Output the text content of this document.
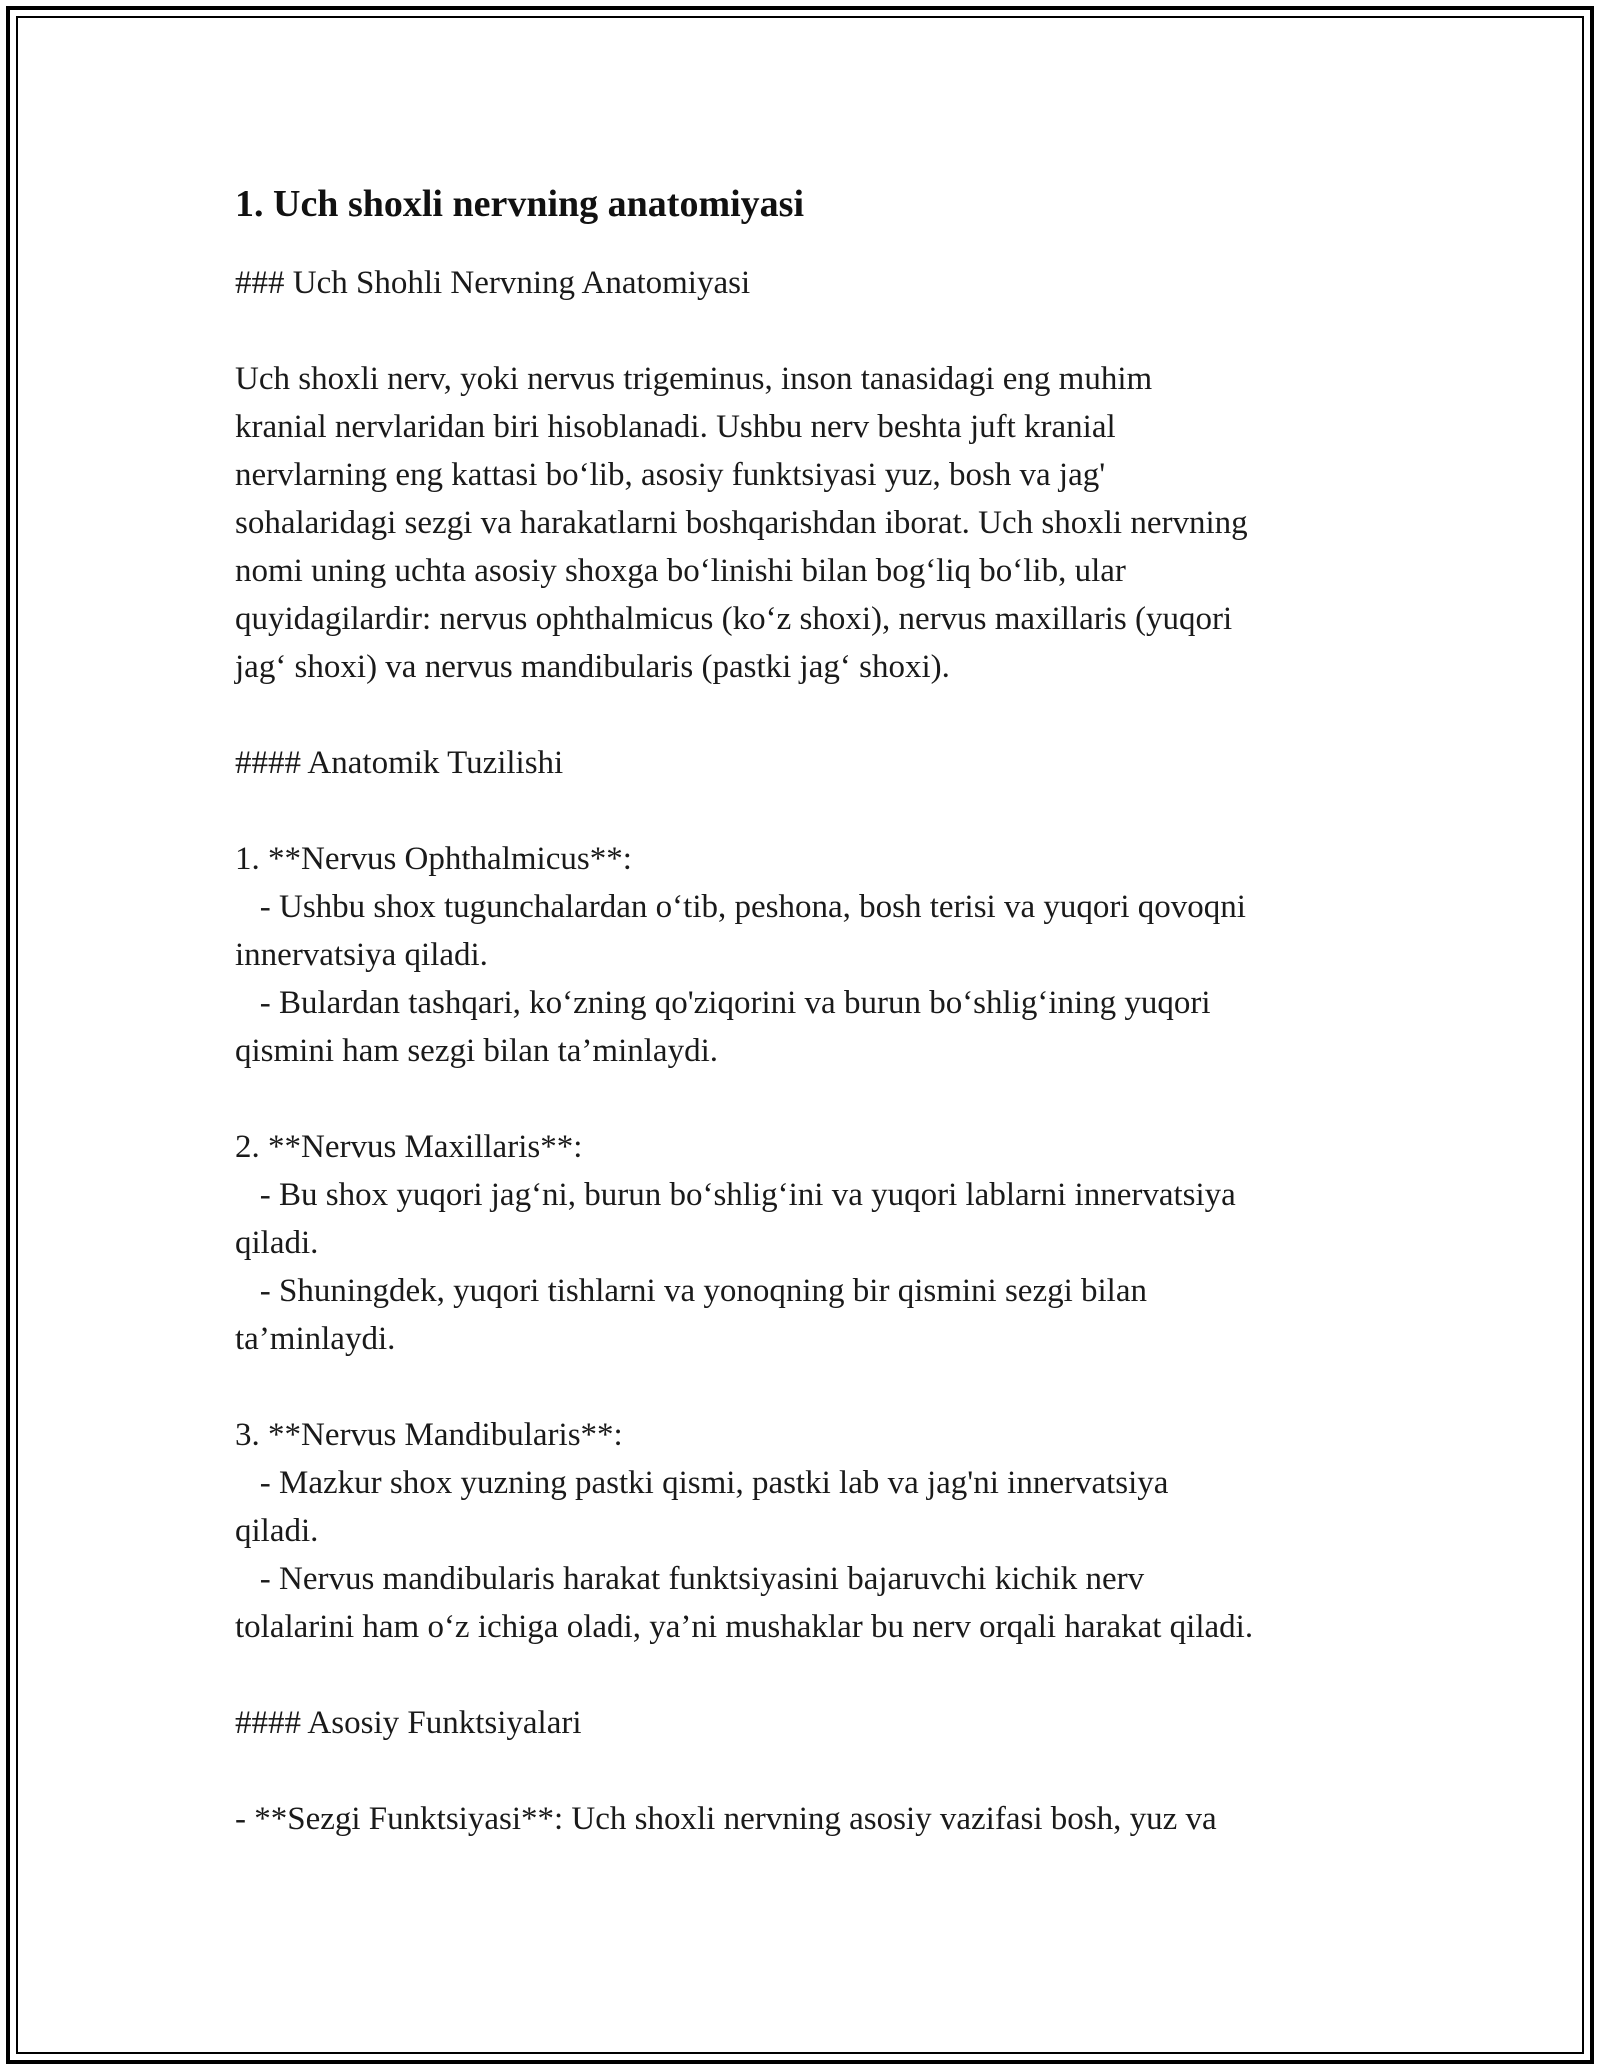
1. Uch shoxli nervning anatomiyasi
### Uch Shohli Nervning Anatomiyasi

Uch shoxli nerv, yoki nervus trigeminus, inson tanasidagi eng muhim
kranial nervlaridan biri hisoblanadi. Ushbu nerv beshta juft kranial
nervlarning eng kattasi bo‘lib, asosiy funktsiyasi yuz, bosh va jag'
sohalaridagi sezgi va harakatlarni boshqarishdan iborat. Uch shoxli nervning
nomi uning uchta asosiy shoxga bo‘linishi bilan bog‘liq bo‘lib, ular
quyidagilardir: nervus ophthalmicus (ko‘z shoxi), nervus maxillaris (yuqori
jag‘ shoxi) va nervus mandibularis (pastki jag‘ shoxi).

#### Anatomik Tuzilishi

1. **Nervus Ophthalmicus**:
- Ushbu shox tugunchalardan o‘tib, peshona, bosh terisi va yuqori qovoqni
innervatsiya qiladi.
- Bulardan tashqari, ko‘zning qo'ziqorini va burun bo‘shlig‘ining yuqori
qismini ham sezgi bilan ta’minlaydi.

2. **Nervus Maxillaris**:
- Bu shox yuqori jag‘ni, burun bo‘shlig‘ini va yuqori lablarni innervatsiya
qiladi.
- Shuningdek, yuqori tishlarni va yonoqning bir qismini sezgi bilan
ta’minlaydi.

3. **Nervus Mandibularis**:
- Mazkur shox yuzning pastki qismi, pastki lab va jag'ni innervatsiya
qiladi.
- Nervus mandibularis harakat funktsiyasini bajaruvchi kichik nerv
tolalarini ham o‘z ichiga oladi, ya’ni mushaklar bu nerv orqali harakat qiladi.

#### Asosiy Funktsiyalari

- **Sezgi Funktsiyasi**: Uch shoxli nervning asosiy vazifasi bosh, yuz va
